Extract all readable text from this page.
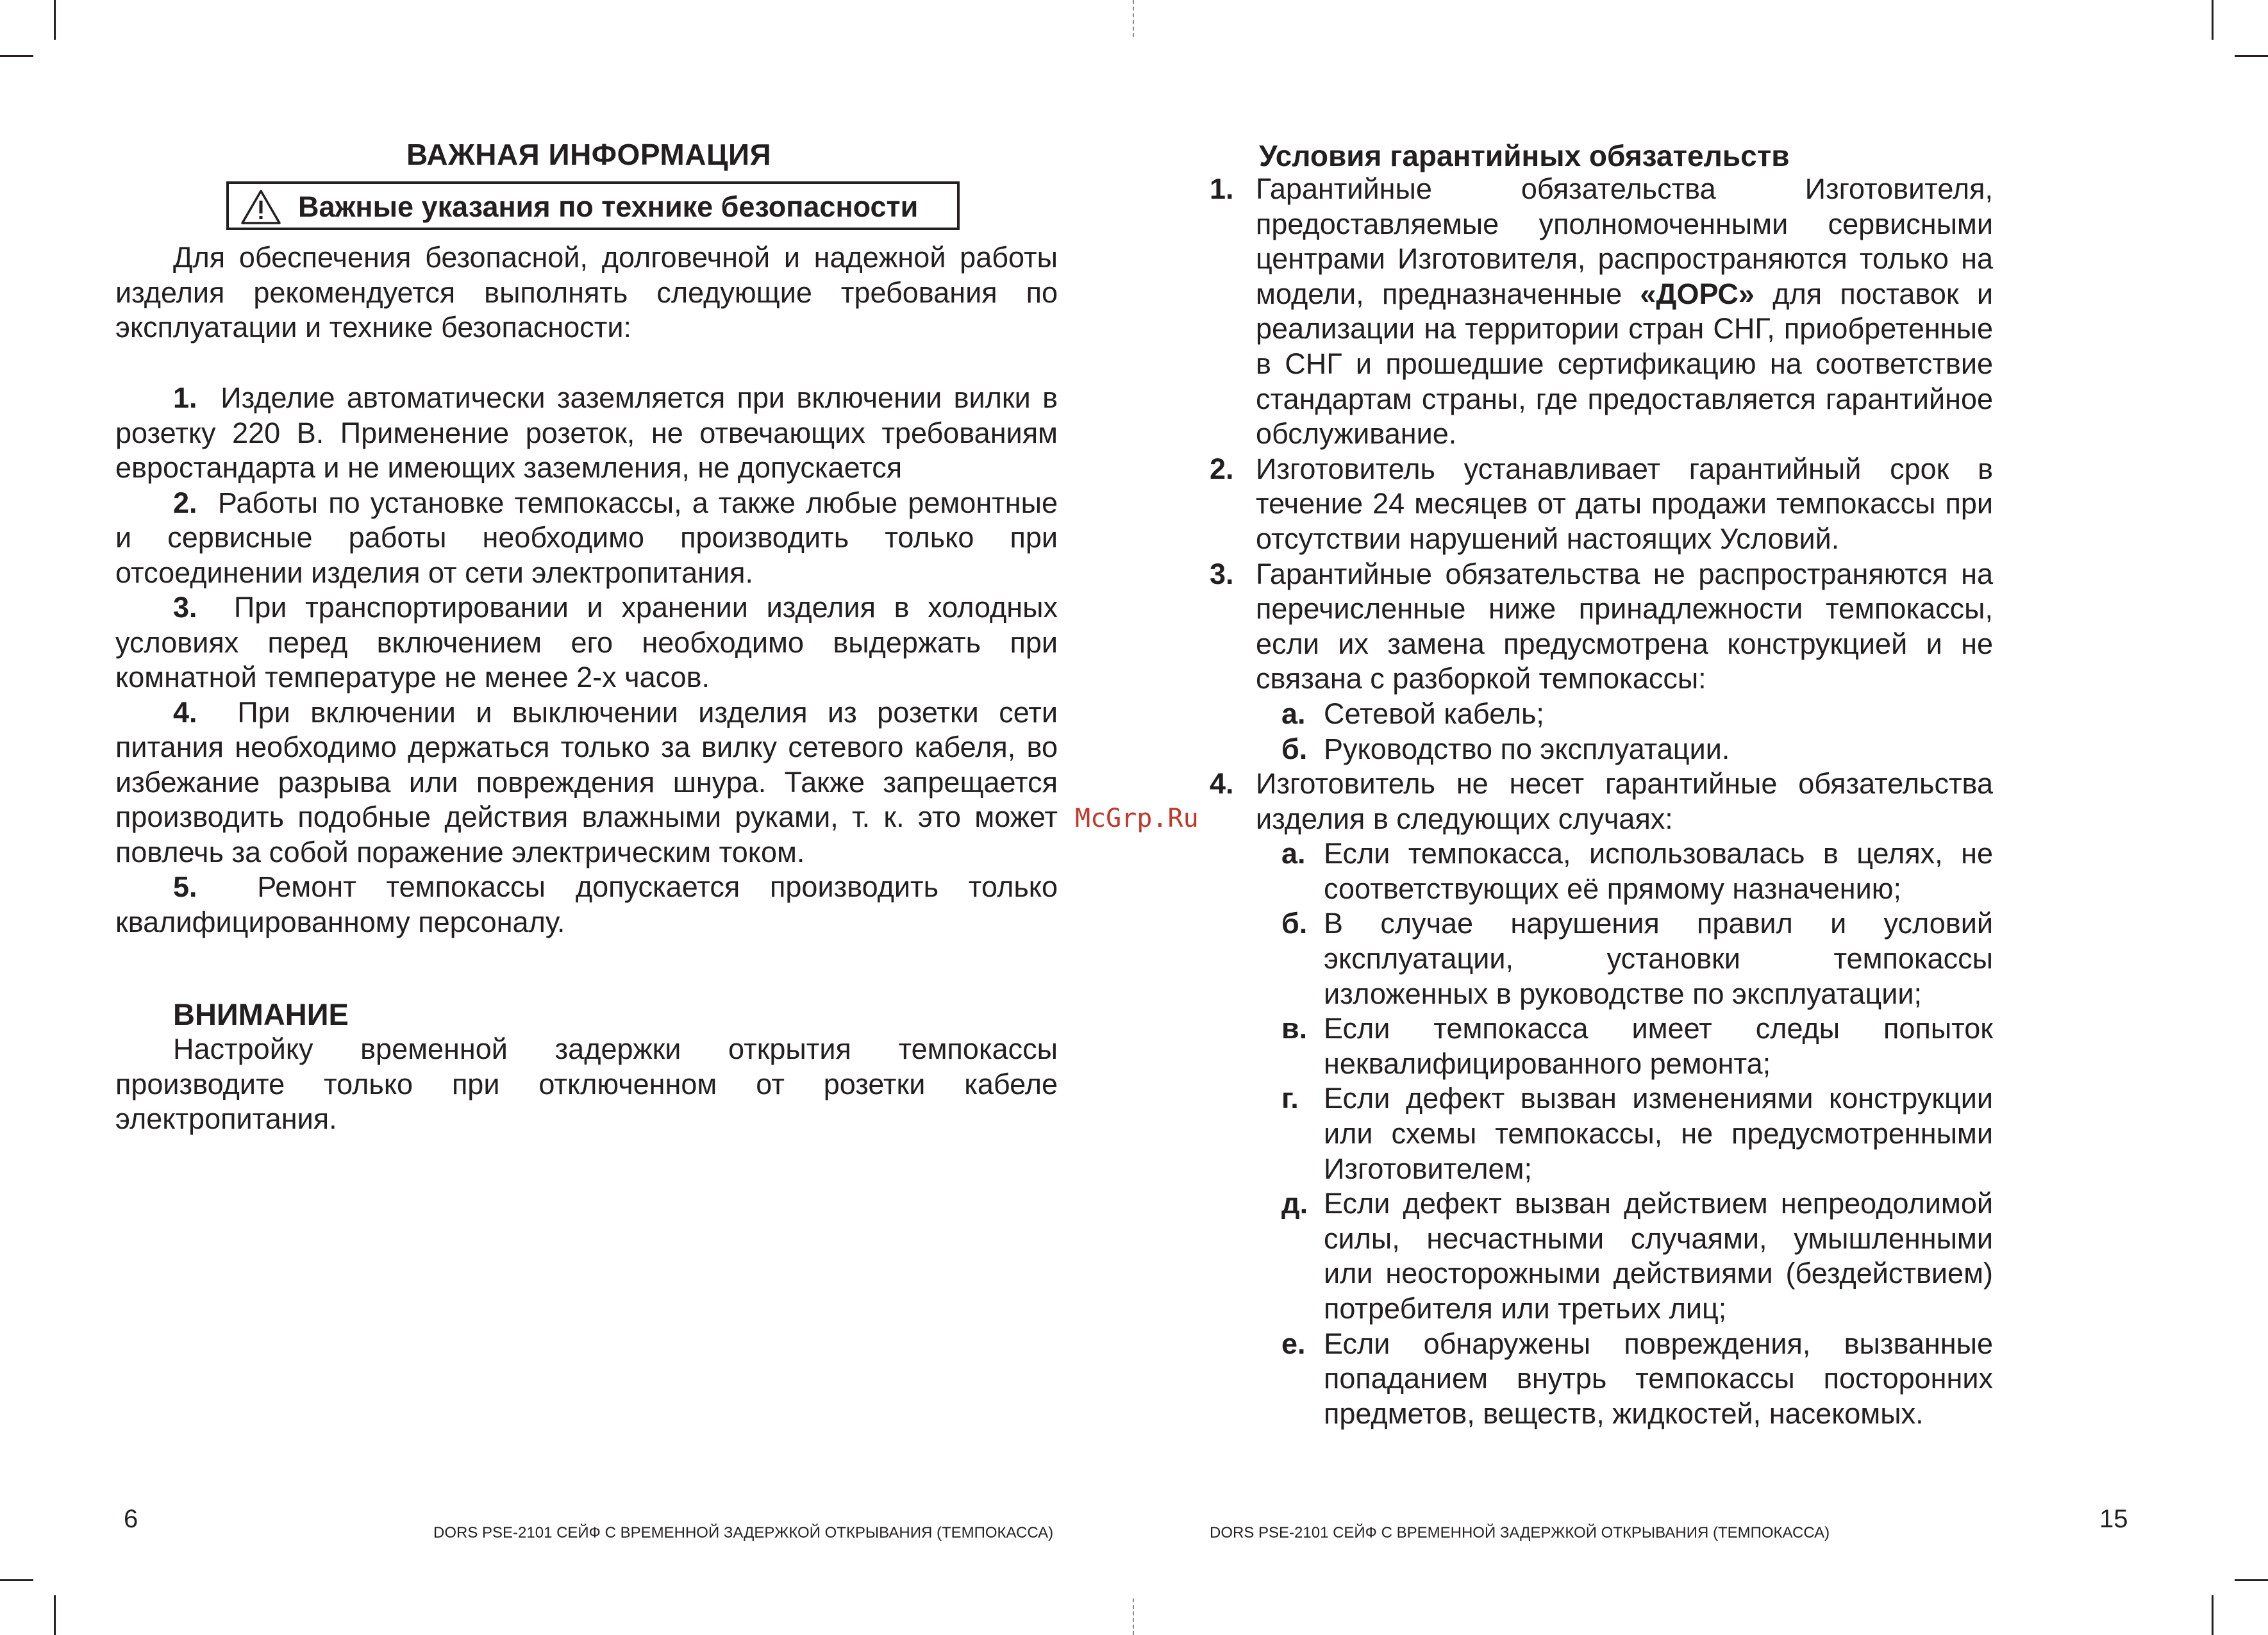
ВАЖНАЯ ИНФОРМАЦИЯ
Важные указания по технике безопасности

Для обеспечения безопасной, долговечной и надежной работы изделия рекомендуется выполнять следующие требования по эксплуатации и технике безопасности:

1. Изделие автоматически заземляется при включении вилки в розетку 220 В. Применение розеток, не отвечающих требованиям евростандарта и не имеющих заземления, не допускается

2. Работы по установке темпокассы, а также любые ремонтные и сервисные работы необходимо производить только при отсоединении изделия от сети электропитания.

3. При транспортировании и хранении изделия в холодных условиях перед включением его необходимо выдержать при комнатной температуре не менее 2-х часов.

4. При включении и выключении изделия из розетки сети питания необходимо держаться только за вилку сетевого кабеля, во избежание разрыва или повреждения шнура. Также запрещается производить подобные действия влажными руками, т. к. это может повлечь за собой поражение электрическим током.

5. Ремонт темпокассы допускается производить только квалифицированному персоналу.

ВНИМАНИЕ

Настройку временной задержки открытия темпокассы производите только при отключенном от розетки кабеле электропитания.

6	DORS PSE-2101 СЕЙФ С ВРЕМЕННОЙ ЗАДЕРЖКОЙ ОТКРЫВАНИЯ (ТЕМПОКАССА)
McGrp.Ru
Условия гарантийных обязательств
1. Гарантийные обязательства Изготовителя, предоставляемые уполномоченными сервисными центрами Изготовителя, распространяются только на модели, предназначенные «ДОРС» для поставок и реализации на территории стран СНГ, приобретенные в СНГ и прошедшие сертификацию на соответствие стандартам страны, где предоставляется гарантийное обслуживание.
2. Изготовитель устанавливает гарантийный срок в течение 24 месяцев от даты продажи темпокассы при отсутствии нарушений настоящих Условий.
3. Гарантийные обязательства не распространяются на перечисленные ниже принадлежности темпокассы, если их замена предусмотрена конструкцией и не связана с разборкой темпокассы:
а. Сетевой кабель;
б. Руководство по эксплуатации.
4. Изготовитель не несет гарантийные обязательства изделия в следующих случаях:
а. Если темпокасса, использовалась в целях, не соответствующих её прямому назначению;
б. В случае нарушения правил и условий эксплуатации, установки темпокассы изложенных в руководстве по эксплуатации;
в. Если темпокасса имеет следы попыток неквалифицированного ремонта;
г. Если дефект вызван изменениями конструкции или схемы темпокассы, не предусмотренными Изготовителем;
д. Если дефект вызван действием непреодолимой силы, несчастными случаями, умышленными или неосторожными действиями (бездействием) потребителя или третьих лиц;
е. Если обнаружены повреждения, вызванные попаданием внутрь темпокассы посторонних предметов, веществ, жидкостей, насекомых.
15
DORS PSE-2101 СЕЙФ С ВРЕМЕННОЙ ЗАДЕРЖКОЙ ОТКРЫВАНИЯ (ТЕМПОКАССА)
